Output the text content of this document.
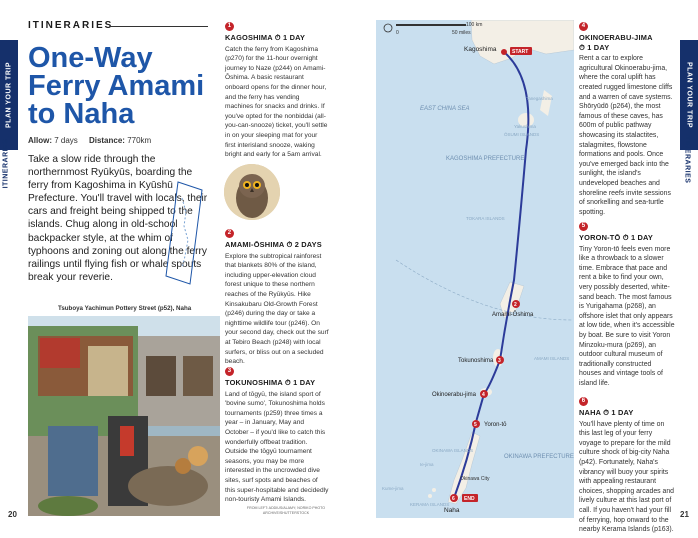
PLAN YOUR TRIP
ITINERARIES
PLAN YOUR TRIP
ITINERARIES
ITINERARIES
One-Way Ferry Amami to Naha
Allow: 7 days Distance: 770km
Take a slow ride through the northernmost Ryūkyūs, boarding the ferry from Kagoshima in Kyūshū Prefecture. You'll travel with locals, their cars and freight being shipped to the islands. Chug along in old-school backpacker style, at the whim of typhoons and zoning out along the ferry railings until flying fish or whale spouts break your reverie.
Tsuboya Yachimun Pottery Street (p52), Naha
1
KAGOSHIMA ⏱ 1 DAY

Catch the ferry from Kagoshima (p270) for the 11-hour overnight journey to Naze (p244) on Amami-Ōshima. A basic restaurant onboard opens for the dinner hour, and the ferry has vending machines for snacks and drinks. If you've opted for the nonbiddai (all-you-can-snooze) ticket, you'll settle in on your sleeping mat for your first interisland snooze, waking bright and early for a 5am arrival.

2
AMAMI-ŌSHIMA ⏱ 2 DAYS

Explore the subtropical rainforest that blankets 80% of the island, including upper-elevation cloud forest unique to these northern reaches of the Ryūkyūs. Hike Kinsakubaru Old-Growth Forest (p246) during the day or take a nighttime wildlife tour (p246). On your second day, check out the surf at Tebiro Beach (p248) with local surfers, or bliss out on a secluded beach.

3
TOKUNOSHIMA ⏱ 1 DAY

Land of tōgyū, the island sport of 'bovine sumo', Tokunoshima holds tournaments (p259) three times a year – in January, May and October – if you'd like to catch this wonderfully offbeat tradition. Outside the tōgyū tournament seasons, you may be more interested in the uncrowded dive sites, surf spots and beaches of this super-hospitable and decidedly non-touristy Amami Islands.

FROM LEFT: ADDIUS/ALAMY; NORIKO PHOTO ARCHIVE/SHUTTERSTOCK
0
100 km
50 miles
START
Kagoshima
2
Amami-Ōshima
3
Tokunoshima
4
Okinoerabu-jima
5 Yoron-tō
6 END
Naha
EAST CHINA SEA
Tanegashima
ŌSUMI ISLANDS
Yakushima
KAGOSHIMA PREFECTURE
TOKARA ISLANDS
AMAMI ISLANDS
OKINAWA ISLANDS
OKINAWA PREFECTURE
Okinawa City
KERAMA ISLANDS
Ie-jima
Kume-jima
4
OKINOERABU-JIMA
⏱ 1 DAY

Rent a car to explore agricultural Okinoerabu-jima, where the coral uplift has created rugged limestone cliffs and a warren of cave systems. Shōryūdō (p264), the most famous of these caves, has 600m of public pathway showcasing its stalactites, stalagmites, flowstone formations and pools. Once you've emerged back into the sunlight, the island's undeveloped beaches and shoreline reefs invite sessions of snorkelling and sea-turtle spotting.

5
YORON-TŌ ⏱ 1 DAY

Tiny Yoron-tō feels even more like a throwback to a slower time. Embrace that pace and rent a bike to find your own, very possibly deserted, white-sand beach. The most famous is Yurigahama (p268), an offshore islet that only appears at low tide, when it's accessible by boat. Be sure to visit Yoron Minzoku-mura (p269), an outdoor cultural museum of traditionally constructed houses and vintage tools of island life.

6
NAHA ⏱ 1 DAY

You'll have plenty of time on this last leg of your ferry voyage to prepare for the mild culture shock of big-city Naha (p42). Fortunately, Naha's vibrancy will buoy your spirits with appealing restaurant choices, shopping arcades and lively culture at this last port of call. If you haven't had your fill of ferrying, hop onward to the nearby Kerama Islands (p163).

20	21
